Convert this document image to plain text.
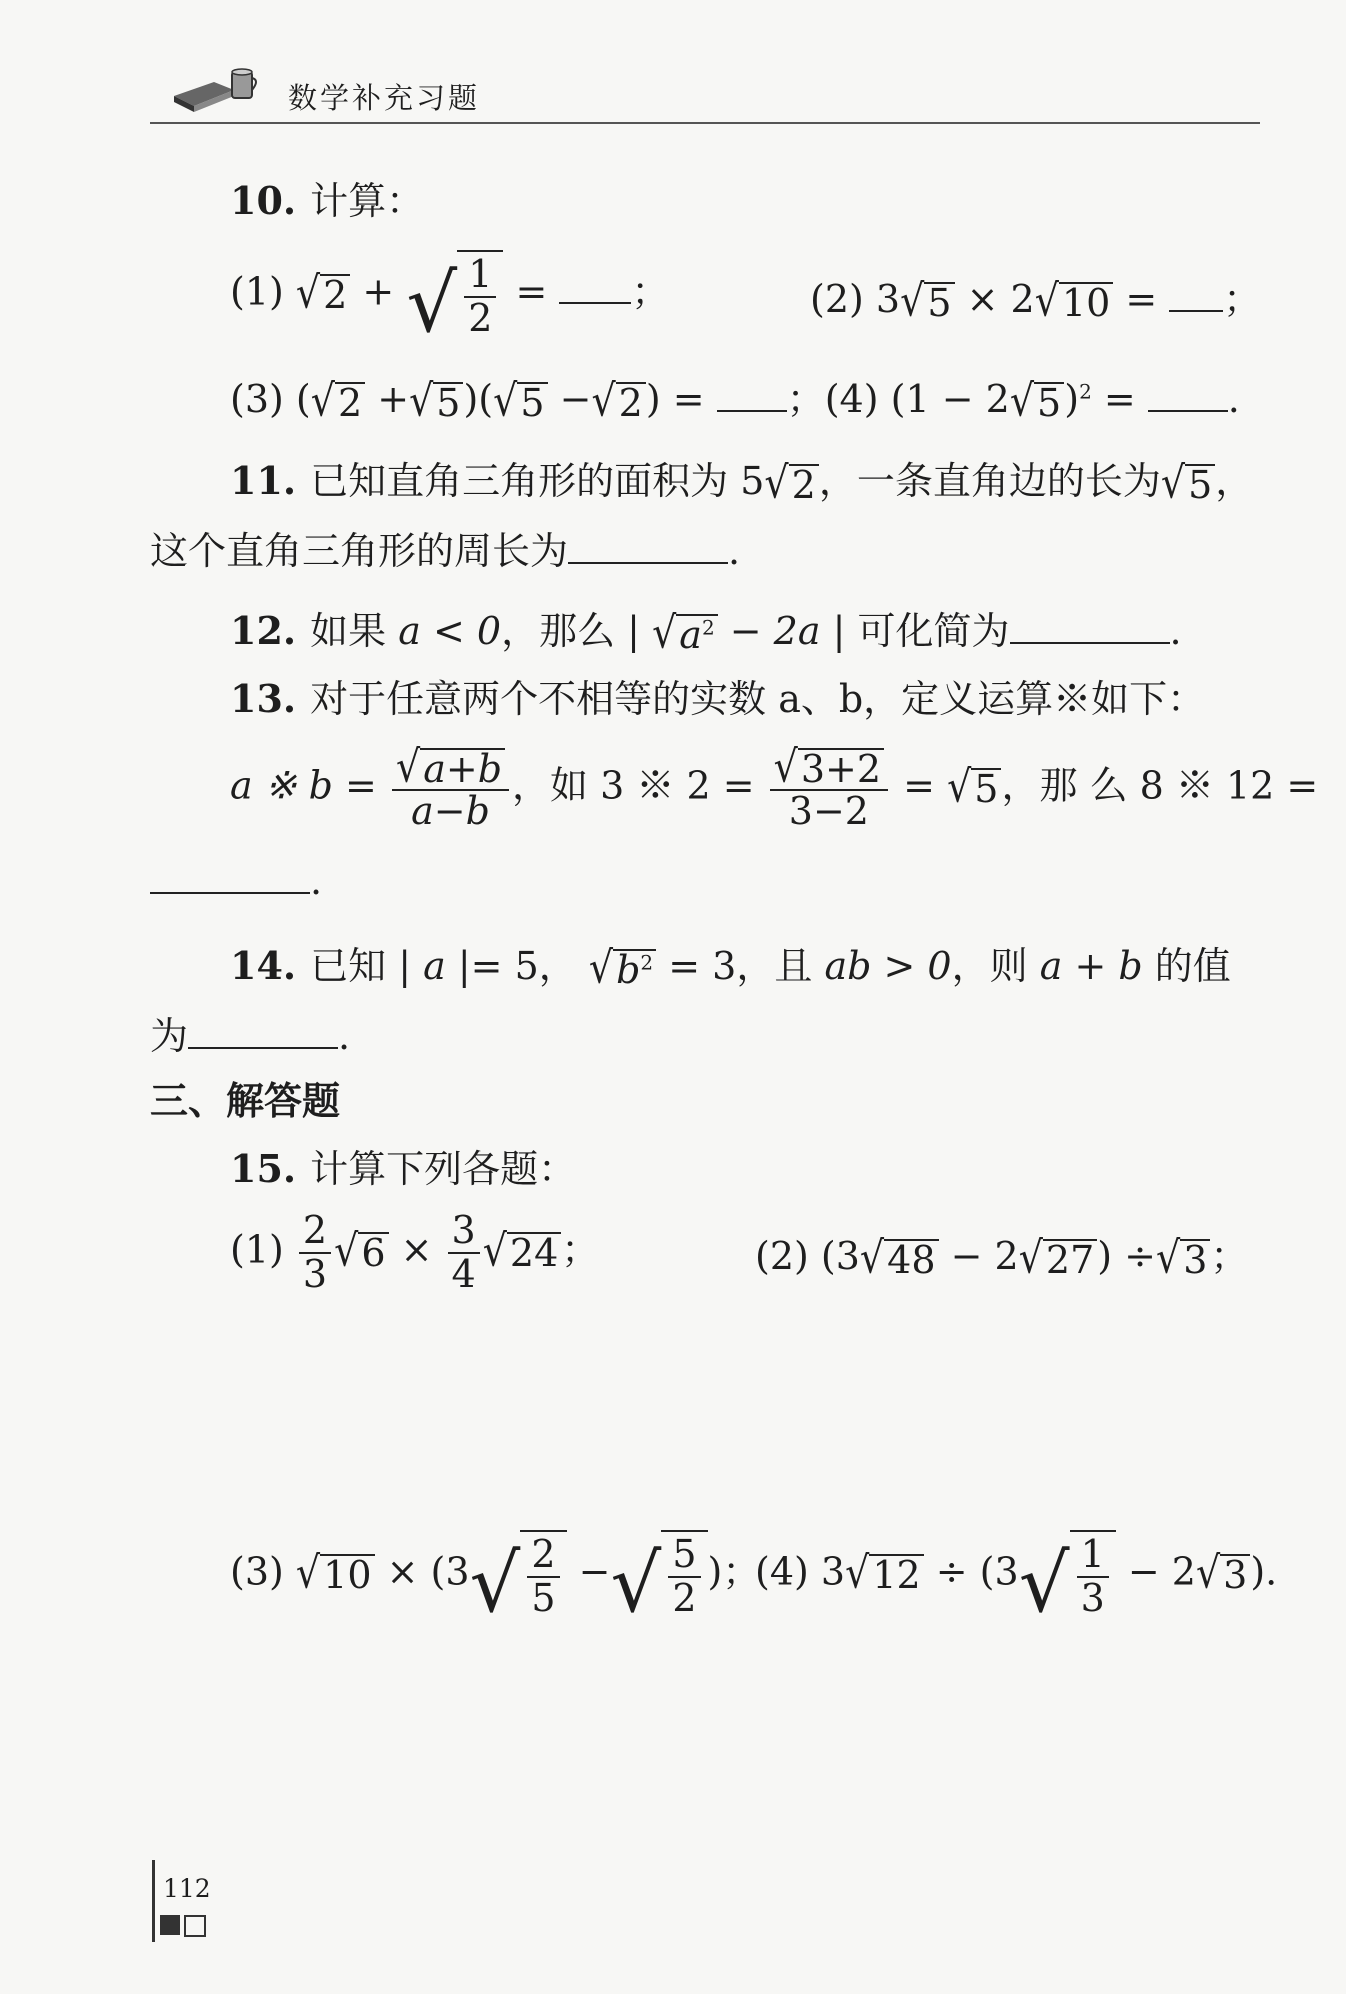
数学补充习题
10. 计算：
(1) √ 2 + √ $\frac{1}{2}$ = ；	(2) 3 √ 5 × 2 √ 10 = ；
(3) ( √ 2 + √ 5 )( √ 5 − √ 2 ) = ；(4) (1 − 2 √ 5 )$^2$ = .
11. 已知直角三角形的面积为 5 √ 2 ，一条直角边的长为 √ 5 ，
这个直角三角形的周长为	.
12. 如果 a < 0，那么 | √ $a^2 - 2a$ | 可化简为	.
13. 对于任意两个不相等的实数 a、b，定义运算※如下：
a ※ $b = \frac{√ a+b}{a-b}$ ，如 3 ※ $2 = \frac{√ 3+2}{3-2}$ = √ 5 ，那 么 8 ※ 12 =
.
14. 已知 | a |= 5， √ $b^2 = 3$，且 ab > 0，则 a + b 的值
为	.
三、解答题
15. 计算下列各题：
$(1) \frac{2}{3}$ √ $6 \times \frac{3}{4}$ √ 24 ；	(2) (3 √ 48 − 2 √ 27 ) ÷ √ 3 ；
(3) √ 10 × (3 √ $\frac{2}{5}$ − √ $\frac{5}{2}$ )；
(4) 3 √ 12 ÷ (3 √ $\frac{1}{3} - 2$ √ 3 ).
112
